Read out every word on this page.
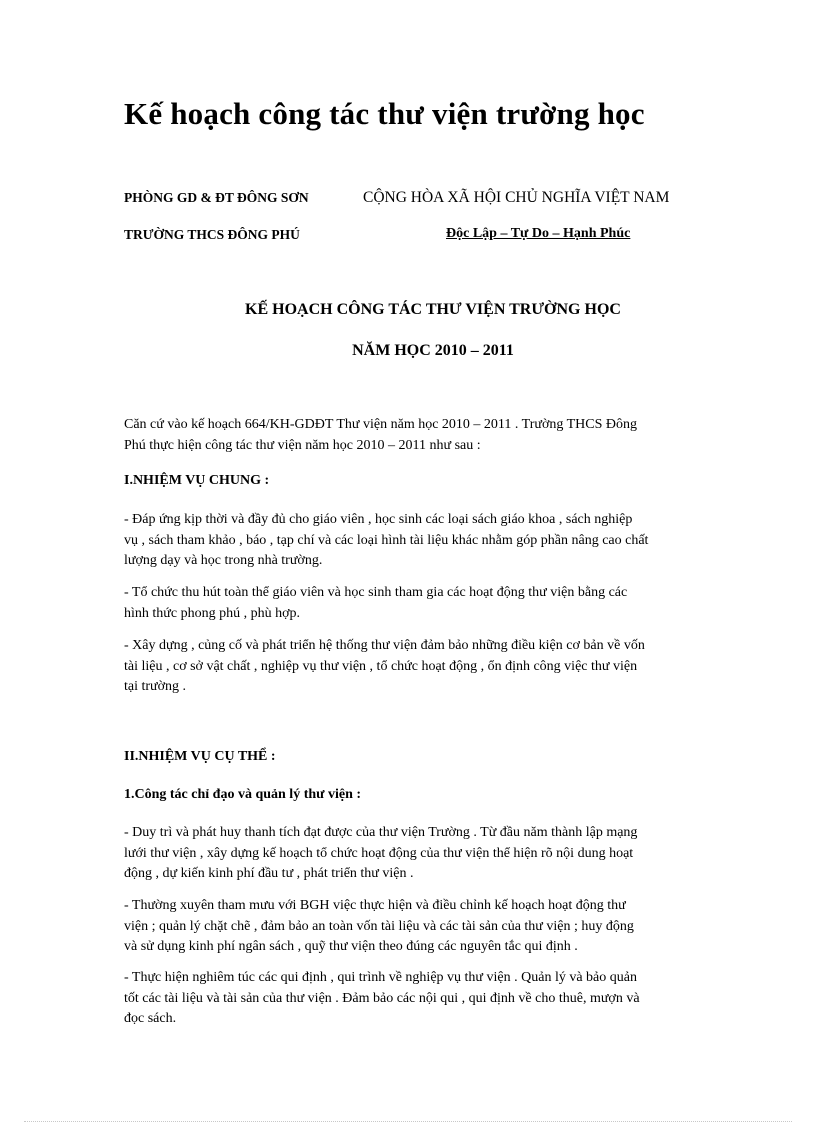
Kế hoạch công tác thư viện trường học
PHÒNG GD & ĐT ĐÔNG SƠN	CỘNG HÒA XÃ HỘI CHỦ NGHĨA VIỆT NAM
TRƯỜNG THCS ĐÔNG PHÚ	Độc Lập – Tự Do – Hạnh Phúc
KẾ HOẠCH CÔNG TÁC THƯ VIỆN TRƯỜNG HỌC
NĂM HỌC 2010 – 2011
Căn cứ vào kế hoạch 664/KH-GDĐT Thư viện năm học 2010 – 2011 . Trường THCS Đông
Phú thực hiện công tác thư viện năm học 2010 – 2011 như sau :
I.NHIỆM VỤ CHUNG :
- Đáp ứng kịp thời và đầy đủ cho giáo viên , học sinh các loại sách giáo khoa , sách nghiệp
vụ , sách tham khảo , báo , tạp chí và các loại hình tài liệu khác nhằm góp phần nâng cao chất
lượng dạy và học trong nhà trường.
- Tổ chức thu hút toàn thể giáo viên và học sinh tham gia các hoạt động thư viện bằng các
hình thức phong phú , phù hợp.
- Xây dựng , củng cố và phát triển hệ thống thư viện đảm bảo những điều kiện cơ bản về vốn
tài liệu , cơ sở vật chất , nghiệp vụ thư viện , tổ chức hoạt động , ổn định công việc thư viện
tại trường .
II.NHIỆM VỤ CỤ THỂ :
1.Công tác chỉ đạo và quản lý thư viện :
- Duy trì và phát huy thanh tích đạt được của thư viện Trường . Từ đầu năm thành lập mạng
lưới thư viện , xây dựng kế hoạch tổ chức hoạt động của thư viện thể hiện rõ nội dung hoạt
động , dự kiến kinh phí đầu tư , phát triển thư viện .
- Thường xuyên tham mưu với BGH việc thực hiện và điều chỉnh kế hoạch hoạt động thư
viện ; quản lý chặt chẽ , đảm bảo an toàn vốn tài liệu và các tài sản của thư viện ; huy động
và sử dụng kinh phí ngân sách , quỹ thư viện theo đúng các nguyên tắc qui định .
- Thực hiện nghiêm túc các qui định , qui trình về nghiệp vụ thư viện . Quản lý và bảo quản
tốt các tài liệu và tài sản của thư viện . Đảm bảo các nội qui , qui định về cho thuê, mượn và
đọc sách.
